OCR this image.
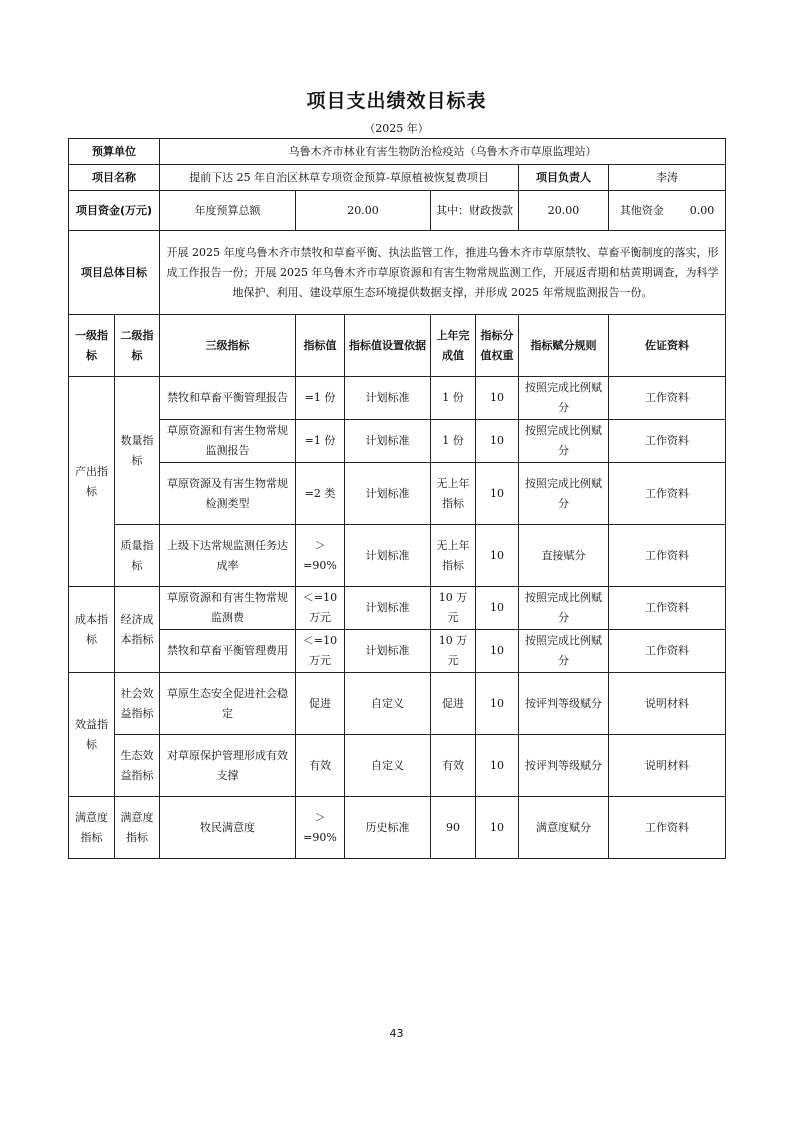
项目支出绩效目标表
（2025 年）
预算单位		乌鲁木齐市林业有害生物防治检疫站（乌鲁木齐市草原监理站）						
项目名称		提前下达 25 年自治区林草专项资金预算-草原植被恢复费项目					项目负责人	李涛
项目资金(万元)		年度预算总额	20.00		其中：财政拨款		20.00	其他资金 0.00
项目总体目标		开展 2025 年度乌鲁木齐市禁牧和草畜平衡、执法监管工作，推进乌鲁木齐市草原禁牧、草畜平衡制度的落实，形成工作报告一份；开展 2025 年乌鲁木齐市草原资源和有害生物常规监测工作，开展返青期和枯黄期调查，为科学地保护、利用、建设草原生态环境提供数据支撑，并形成 2025 年常规监测报告一份。						
一级指标	二级指标	三级指标	指标值	指标值设置依据	上年完成值	指标分值权重	指标赋分规则	佐证资料
产出指标	数量指标	禁牧和草畜平衡管理报告	=1 份	计划标准	1 份	10	按照完成比例赋分	工作资料
		草原资源和有害生物常规监测报告	=1 份	计划标准	1 份	10	按照完成比例赋分	工作资料
		草原资源及有害生物常规检测类型	=2 类	计划标准	无上年指标	10	按照完成比例赋分	工作资料
	质量指标	上级下达常规监测任务达成率	＞=90%	计划标准	无上年指标	10	直接赋分	工作资料
成本指标	经济成本指标	草原资源和有害生物常规监测费	＜=10 万元	计划标准	10 万元	10	按照完成比例赋分	工作资料
		禁牧和草畜平衡管理费用	＜=10 万元	计划标准	10 万元	10	按照完成比例赋分	工作资料
效益指标	社会效益指标	草原生态安全促进社会稳定	促进	自定义	促进	10	按评判等级赋分	说明材料
	生态效益指标	对草原保护管理形成有效支撑	有效	自定义	有效	10	按评判等级赋分	说明材料
满意度指标	满意度指标	牧民满意度	＞=90%	历史标准	90	10	满意度赋分	工作资料
43
